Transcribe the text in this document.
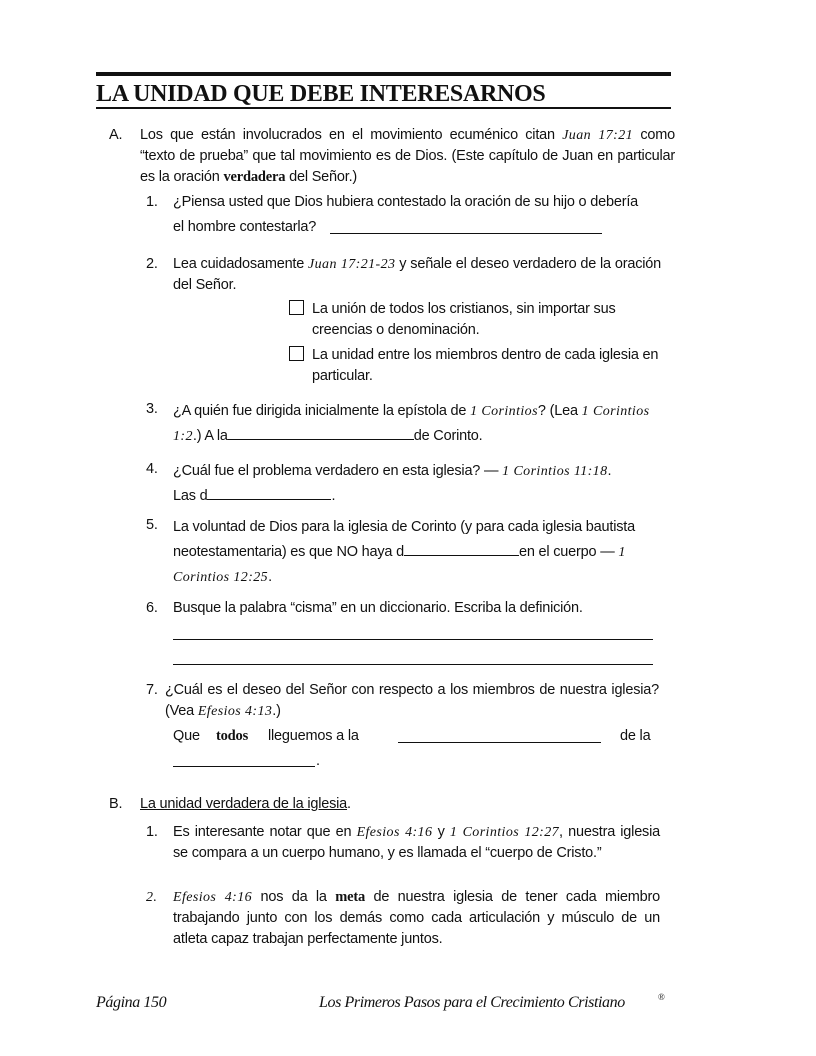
LA UNIDAD QUE DEBE INTERESARNOS
A. Los que están involucrados en el movimiento ecuménico citan Juan 17:21 como “texto de prueba” que tal movimiento es de Dios. (Este capítulo de Juan en particular es la oración verdadera del Señor.)
1. ¿Piensa usted que Dios hubiera contestado la oración de su hijo o debería
el hombre contestarla?
2. Lea cuidadosamente Juan 17:21-23 y señale el deseo verdadero de la oración del Señor.
La unión de todos los cristianos, sin importar sus creencias o denominación.
La unidad entre los miembros dentro de cada iglesia en particular.
3. ¿A quién fue dirigida inicialmente la epístola de 1 Corintios? (Lea 1 Corintios 1:2.) A la	de Corinto.
4. ¿Cuál fue el problema verdadero en esta iglesia? — 1 Corintios 11:18.
Las d	.
5. La voluntad de Dios para la iglesia de Corinto (y para cada iglesia bautista
neotestamentaria) es que NO haya d	en el cuerpo — 1 Corintios 12:25.
6. Busque la palabra “cisma” en un diccionario. Escriba la definición.
7. ¿Cuál es el deseo del Señor con respecto a los miembros de nuestra iglesia? (Vea Efesios 4:13.)
Que todos lleguemos a la	de la
.
B. La unidad verdadera de la iglesia.
1. Es interesante notar que en Efesios 4:16 y 1 Corintios 12:27, nuestra iglesia se compara a un cuerpo humano, y es llamada el “cuerpo de Cristo.”
2. Efesios 4:16 nos da la meta de nuestra iglesia de tener cada miembro trabajando junto con los demás como cada articulación y músculo de un atleta capaz trabajan perfectamente juntos.
Página 150	Los Primeros Pasos para el Crecimiento Cristiano	®
